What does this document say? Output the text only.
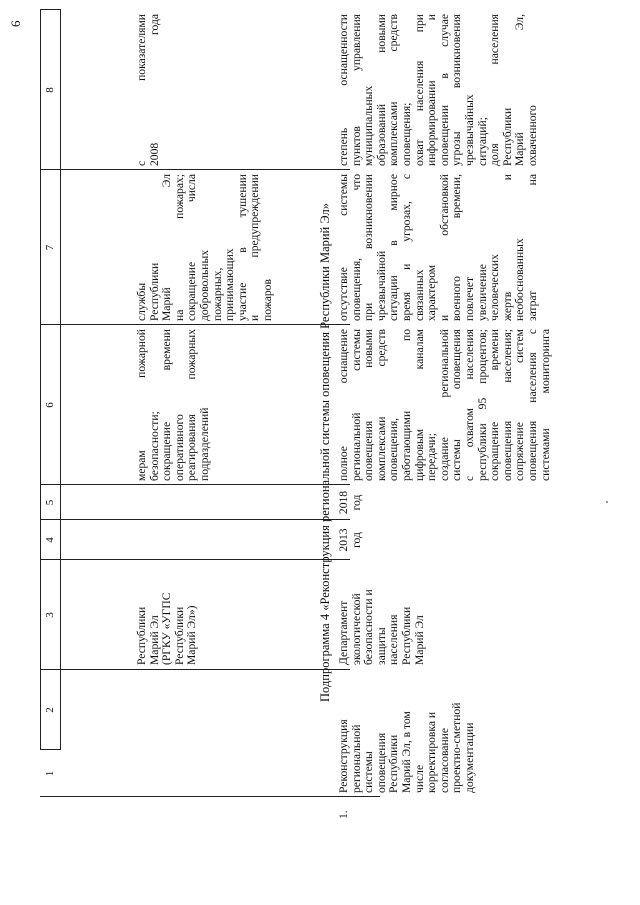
6
1
2
3
4
5
6
7
8
Республики
Марий Эл
(РГКУ «УГПС
Республики
Марий Эл»)
мерам пожарной
безопасности;
сокращение времени
оперативного
реагирования пожарных
подразделений
службы
Республики
Марий Эл
на пожарах;
сокращение числа
добровольных
пожарных,
принимающих
участие в тушении
и предупреждении
пожаров
с показателями
2008 года
Подпрограмма 4 «Реконструкция региональной системы оповещения Республики Марий Эл»
1.
Реконструкция
региональной
системы
оповещения
Республики
Марий Эл, в том
числе
корректировка и
согласование
проектно-сметной
документации
Департамент
экологической
безопасности и
защиты
населения
Республики
Марий Эл
2013
год
2018
год
полное оснащение
региональной системы
оповещения новыми
комплексами средств
оповещения,
работающими по
цифровым каналам
передачи;
создание региональной
системы оповещения
с охватом населения
республики 95 процентов;
сокращение времени
оповещения населения;
сопряжение систем
оповещения населения с
системами мониторинга
отсутствие системы
оповещения, что
при возникновении
чрезвычайной
ситуации в мирное
время и угрозах, с
связанных
характером
и обстановкой
военного времени,
повлечет
увеличение
человеческих
жертв и
необоснованных
затрат на
степень оснащенности
пунктов управления
муниципальных
образований новыми
комплексами средств
оповещения;
охват населения при
информировании и
оповещении в случае
угрозы возникновения
чрезвычайных
ситуаций;
доля населения
Республики
Марий Эл,
охваченного
